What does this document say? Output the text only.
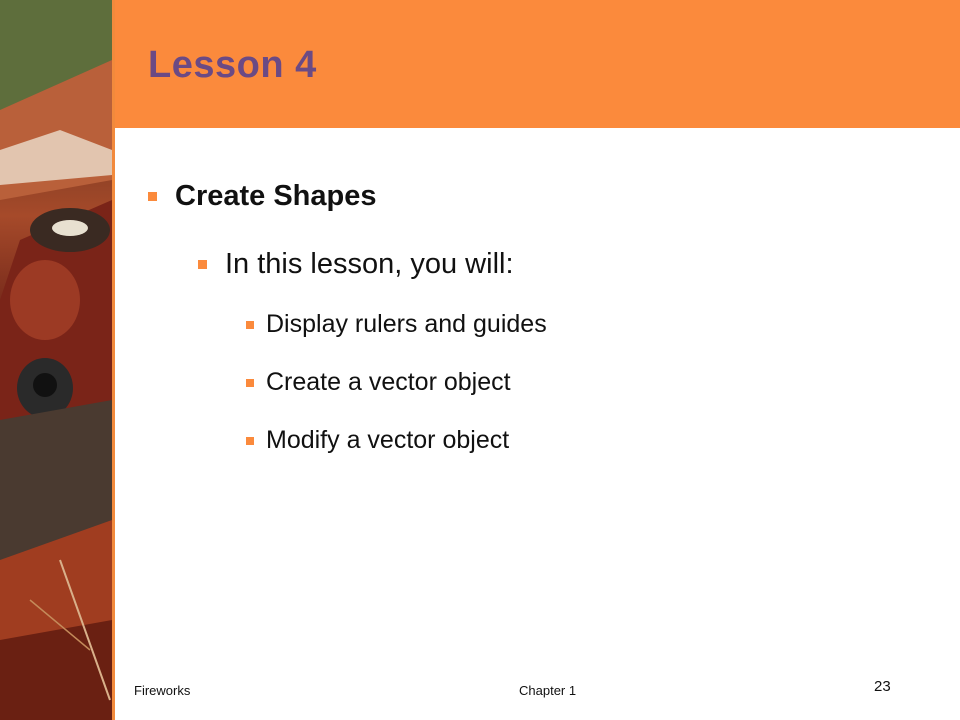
Lesson 4
Create Shapes
In this lesson, you will:
Display rulers and guides
Create a vector object
Modify a vector object
Fireworks	Chapter 1	23
